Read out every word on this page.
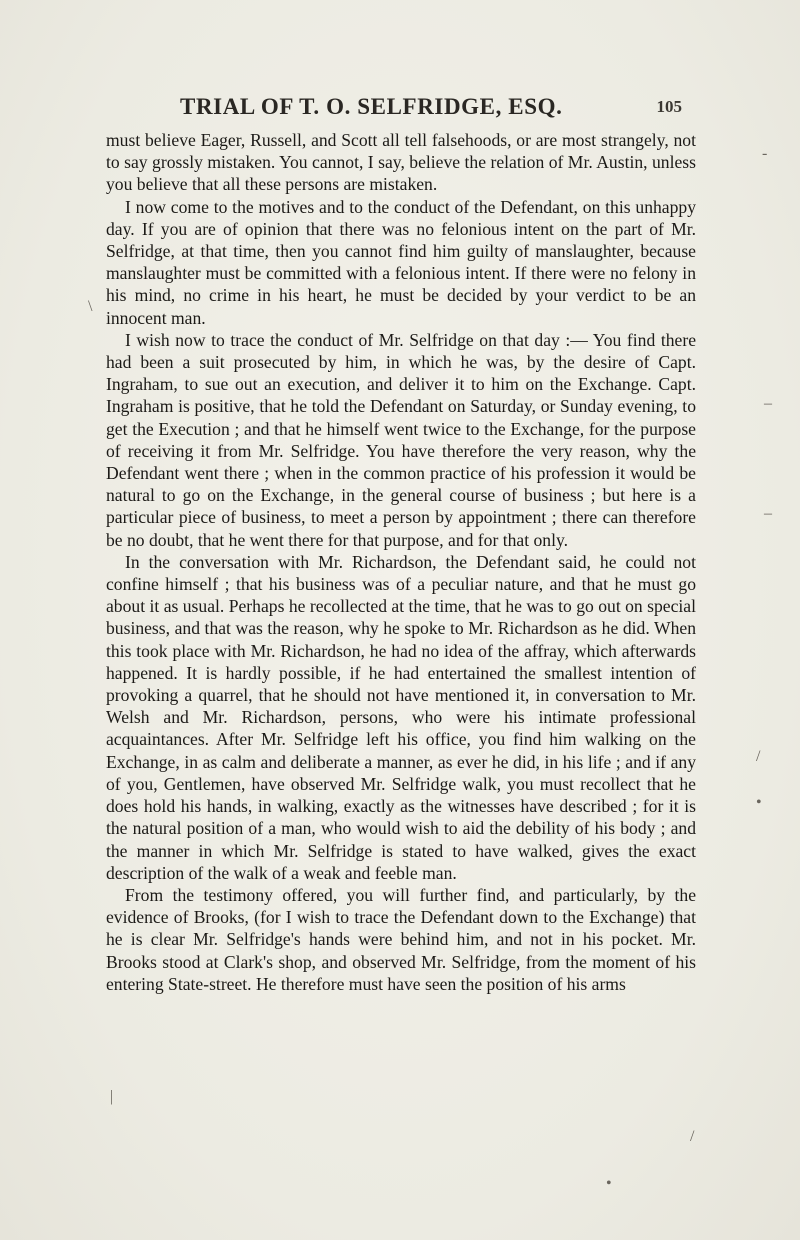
TRIAL OF T. O. SELFRIDGE, ESQ.	105

must believe Eager, Russell, and Scott all tell falsehoods, or are most strangely, not to say grossly mistaken. You cannot, I say, believe the relation of Mr. Austin, unless you believe that all these persons are mistaken.

I now come to the motives and to the conduct of the Defendant, on this unhappy day. If you are of opinion that there was no felonious intent on the part of Mr. Selfridge, at that time, then you cannot find him guilty of manslaughter, because manslaughter must be committed with a felonious intent. If there were no felony in his mind, no crime in his heart, he must be decided by your verdict to be an innocent man.

I wish now to trace the conduct of Mr. Selfridge on that day :— You find there had been a suit prosecuted by him, in which he was, by the desire of Capt. Ingraham, to sue out an execution, and deliver it to him on the Exchange. Capt. Ingraham is positive, that he told the Defendant on Saturday, or Sunday evening, to get the Execution ; and that he himself went twice to the Exchange, for the purpose of receiving it from Mr. Selfridge. You have therefore the very reason, why the Defendant went there ; when in the common practice of his profession it would be natural to go on the Exchange, in the general course of business ; but here is a particular piece of business, to meet a person by appointment ; there can therefore be no doubt, that he went there for that purpose, and for that only.

In the conversation with Mr. Richardson, the Defendant said, he could not confine himself ; that his business was of a peculiar nature, and that he must go about it as usual. Perhaps he recollected at the time, that he was to go out on special business, and that was the reason, why he spoke to Mr. Richardson as he did. When this took place with Mr. Richardson, he had no idea of the affray, which afterwards happened. It is hardly possible, if he had entertained the smallest intention of provoking a quarrel, that he should not have mentioned it, in conversation to Mr. Welsh and Mr. Richardson, persons, who were his intimate professional acquaintances. After Mr. Selfridge left his office, you find him walking on the Exchange, in as calm and deliberate a manner, as ever he did, in his life ; and if any of you, Gentlemen, have observed Mr. Selfridge walk, you must recollect that he does hold his hands, in walking, exactly as the witnesses have described ; for it is the natural position of a man, who would wish to aid the debility of his body ; and the manner in which Mr. Selfridge is stated to have walked, gives the exact description of the walk of a weak and feeble man.

From the testimony offered, you will further find, and particularly, by the evidence of Brooks, (for I wish to trace the Defendant down to the Exchange) that he is clear Mr. Selfridge's hands were behind him, and not in his pocket. Mr. Brooks stood at Clark's shop, and observed Mr. Selfridge, from the moment of his entering State-street. He therefore must have seen the position of his arms

\
/
•
–
–
-
/
•
|
